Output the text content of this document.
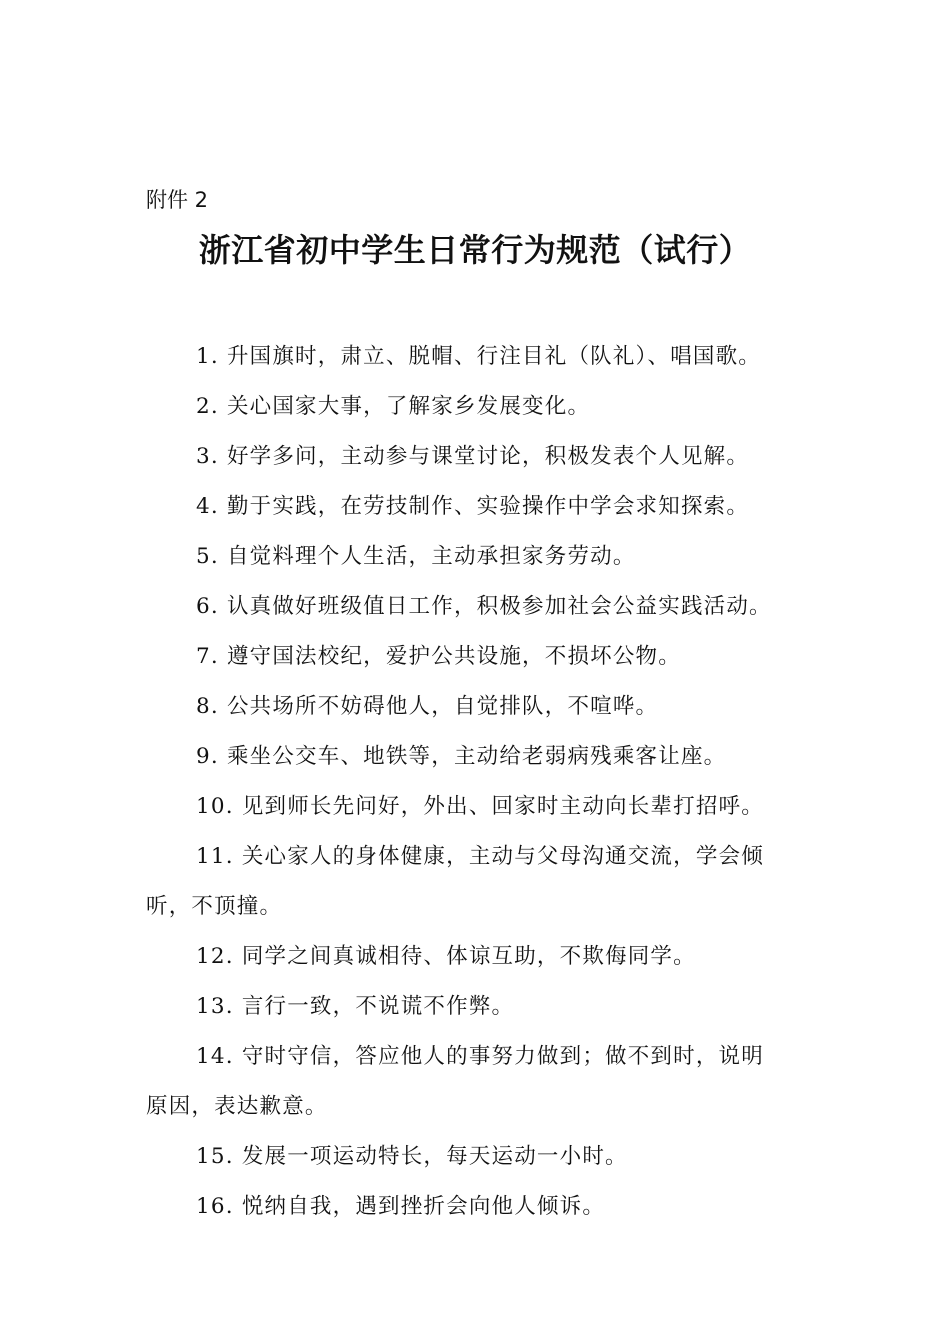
附件 2
浙江省初中学生日常行为规范（试行）
1. 升国旗时，肃立、脱帽、行注目礼（队礼）、唱国歌。
2. 关心国家大事，了解家乡发展变化。
3. 好学多问，主动参与课堂讨论，积极发表个人见解。
4. 勤于实践，在劳技制作、实验操作中学会求知探索。
5. 自觉料理个人生活，主动承担家务劳动。
6. 认真做好班级值日工作，积极参加社会公益实践活动。
7. 遵守国法校纪，爱护公共设施，不损坏公物。
8. 公共场所不妨碍他人，自觉排队，不喧哗。
9. 乘坐公交车、地铁等，主动给老弱病残乘客让座。
10. 见到师长先问好，外出、回家时主动向长辈打招呼。
11. 关心家人的身体健康，主动与父母沟通交流，学会倾
听，不顶撞。
12. 同学之间真诚相待、体谅互助，不欺侮同学。
13. 言行一致，不说谎不作弊。
14. 守时守信，答应他人的事努力做到；做不到时，说明
原因，表达歉意。
15. 发展一项运动特长，每天运动一小时。
16. 悦纳自我，遇到挫折会向他人倾诉。
